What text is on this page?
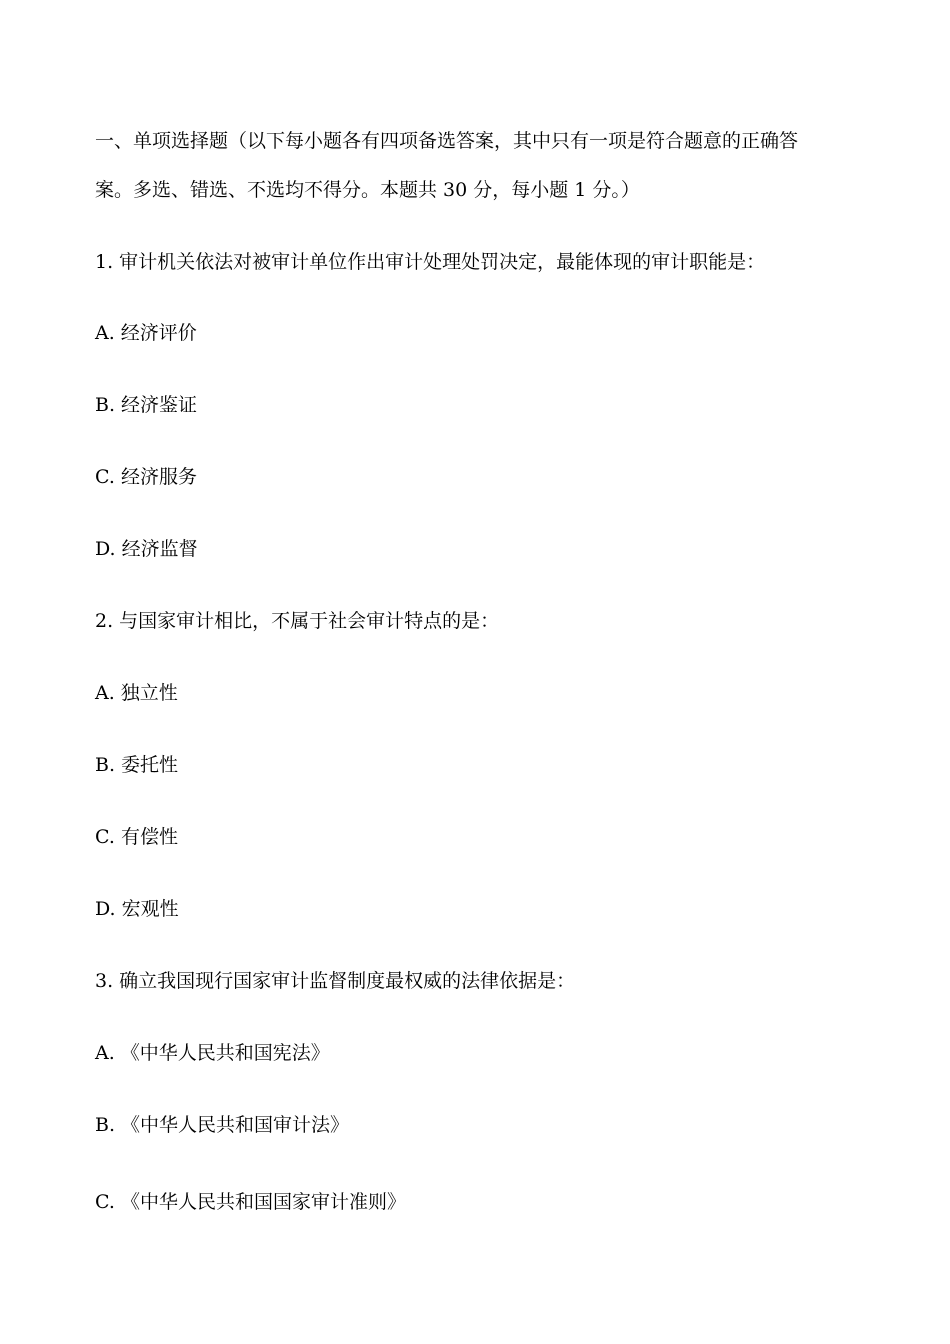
一、单项选择题（以下每小题各有四项备选答案，其中只有一项是符合题意的正确答
案。多选、错选、不选均不得分。本题共 30 分，每小题 1 分。）
1. 审计机关依法对被审计单位作出审计处理处罚决定，最能体现的审计职能是：
A. 经济评价
B. 经济鉴证
C. 经济服务
D. 经济监督
2. 与国家审计相比，不属于社会审计特点的是：
A. 独立性
B. 委托性
C. 有偿性
D. 宏观性
3. 确立我国现行国家审计监督制度最权威的法律依据是：
A. 《中华人民共和国宪法》
B. 《中华人民共和国审计法》
C. 《中华人民共和国国家审计准则》
